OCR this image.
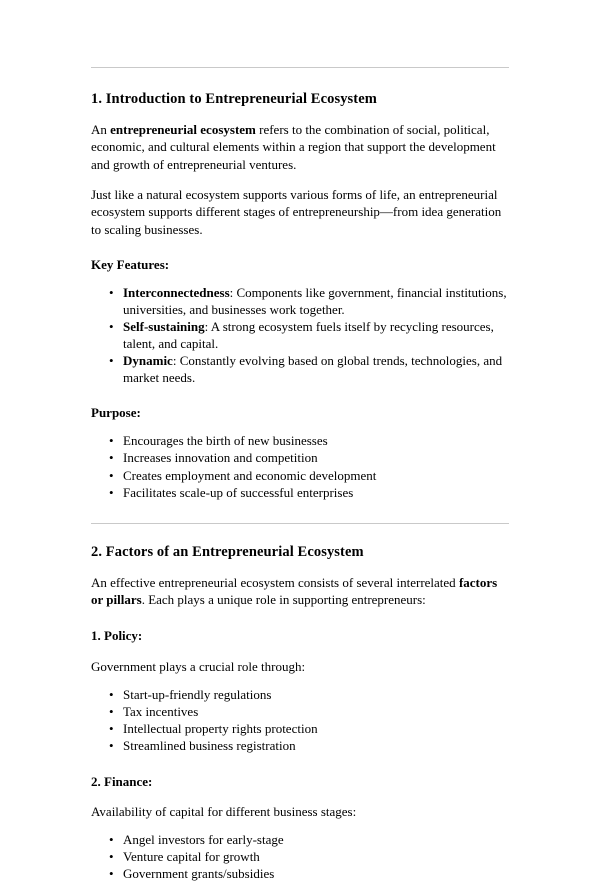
1. Introduction to Entrepreneurial Ecosystem

An entrepreneurial ecosystem refers to the combination of social, political, economic, and cultural elements within a region that support the development and growth of entrepreneurial ventures.

Just like a natural ecosystem supports various forms of life, an entrepreneurial ecosystem supports different stages of entrepreneurship—from idea generation to scaling businesses.

Key Features:

• Interconnectedness: Components like government, financial institutions, universities, and businesses work together.
• Self-sustaining: A strong ecosystem fuels itself by recycling resources, talent, and capital.
• Dynamic: Constantly evolving based on global trends, technologies, and market needs.

Purpose:

• Encourages the birth of new businesses
• Increases innovation and competition
• Creates employment and economic development
• Facilitates scale-up of successful enterprises
2. Factors of an Entrepreneurial Ecosystem

An effective entrepreneurial ecosystem consists of several interrelated factors or pillars. Each plays a unique role in supporting entrepreneurs:

1. Policy:

Government plays a crucial role through:

• Start-up-friendly regulations
• Tax incentives
• Intellectual property rights protection
• Streamlined business registration

2. Finance:

Availability of capital for different business stages:

• Angel investors for early-stage
• Venture capital for growth
• Government grants/subsidies
